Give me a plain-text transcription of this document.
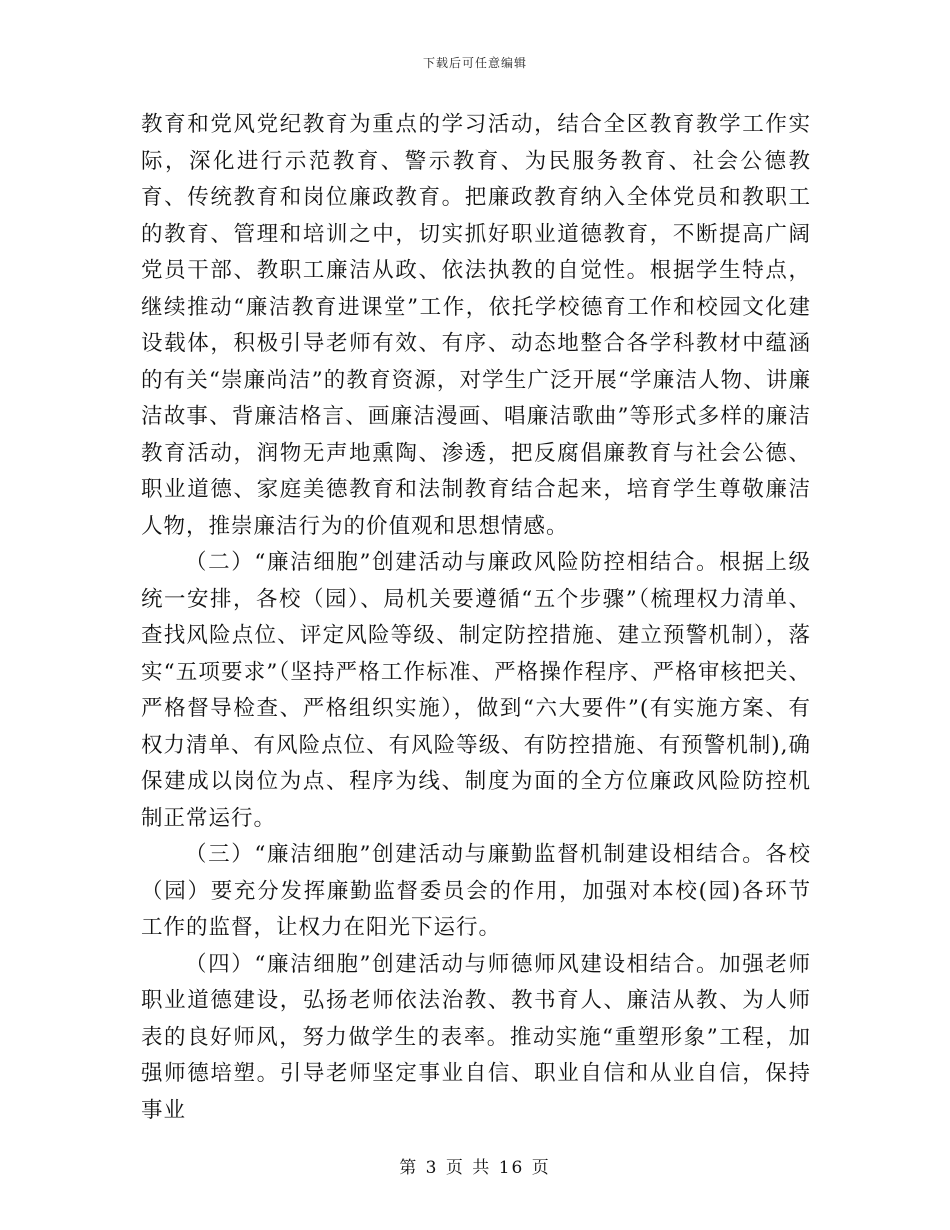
下载后可任意编辑

教育和党风党纪教育为重点的学习活动，结合全区教育教学工作实际，深化进行示范教育、警示教育、为民服务教育、社会公德教育、传统教育和岗位廉政教育。把廉政教育纳入全体党员和教职工的教育、管理和培训之中，切实抓好职业道德教育，不断提高广阔党员干部、教职工廉洁从政、依法执教的自觉性。根据学生特点，继续推动“廉洁教育进课堂”工作，依托学校德育工作和校园文化建设载体，积极引导老师有效、有序、动态地整合各学科教材中蕴涵的有关“崇廉尚洁”的教育资源，对学生广泛开展“学廉洁人物、讲廉洁故事、背廉洁格言、画廉洁漫画、唱廉洁歌曲”等形式多样的廉洁教育活动，润物无声地熏陶、渗透，把反腐倡廉教育与社会公德、职业道德、家庭美德教育和法制教育结合起来，培育学生尊敬廉洁人物，推崇廉洁行为的价值观和思想情感。

（二）“廉洁细胞”创建活动与廉政风险防控相结合。根据上级统一安排，各校（园）、局机关要遵循“五个步骤”（梳理权力清单、查找风险点位、评定风险等级、制定防控措施、建立预警机制），落实“五项要求”（坚持严格工作标准、严格操作程序、严格审核把关、严格督导检查、严格组织实施），做到“六大要件”(有实施方案、有权力清单、有风险点位、有风险等级、有防控措施、有预警机制),确保建成以岗位为点、程序为线、制度为面的全方位廉政风险防控机制正常运行。

（三）“廉洁细胞”创建活动与廉勤监督机制建设相结合。各校（园）要充分发挥廉勤监督委员会的作用，加强对本校(园)各环节工作的监督，让权力在阳光下运行。

（四）“廉洁细胞”创建活动与师德师风建设相结合。加强老师职业道德建设，弘扬老师依法治教、教书育人、廉洁从教、为人师表的良好师风，努力做学生的表率。推动实施“重塑形象”工程，加强师德培塑。引导老师坚定事业自信、职业自信和从业自信，保持事业

第 3 页 共 16 页
